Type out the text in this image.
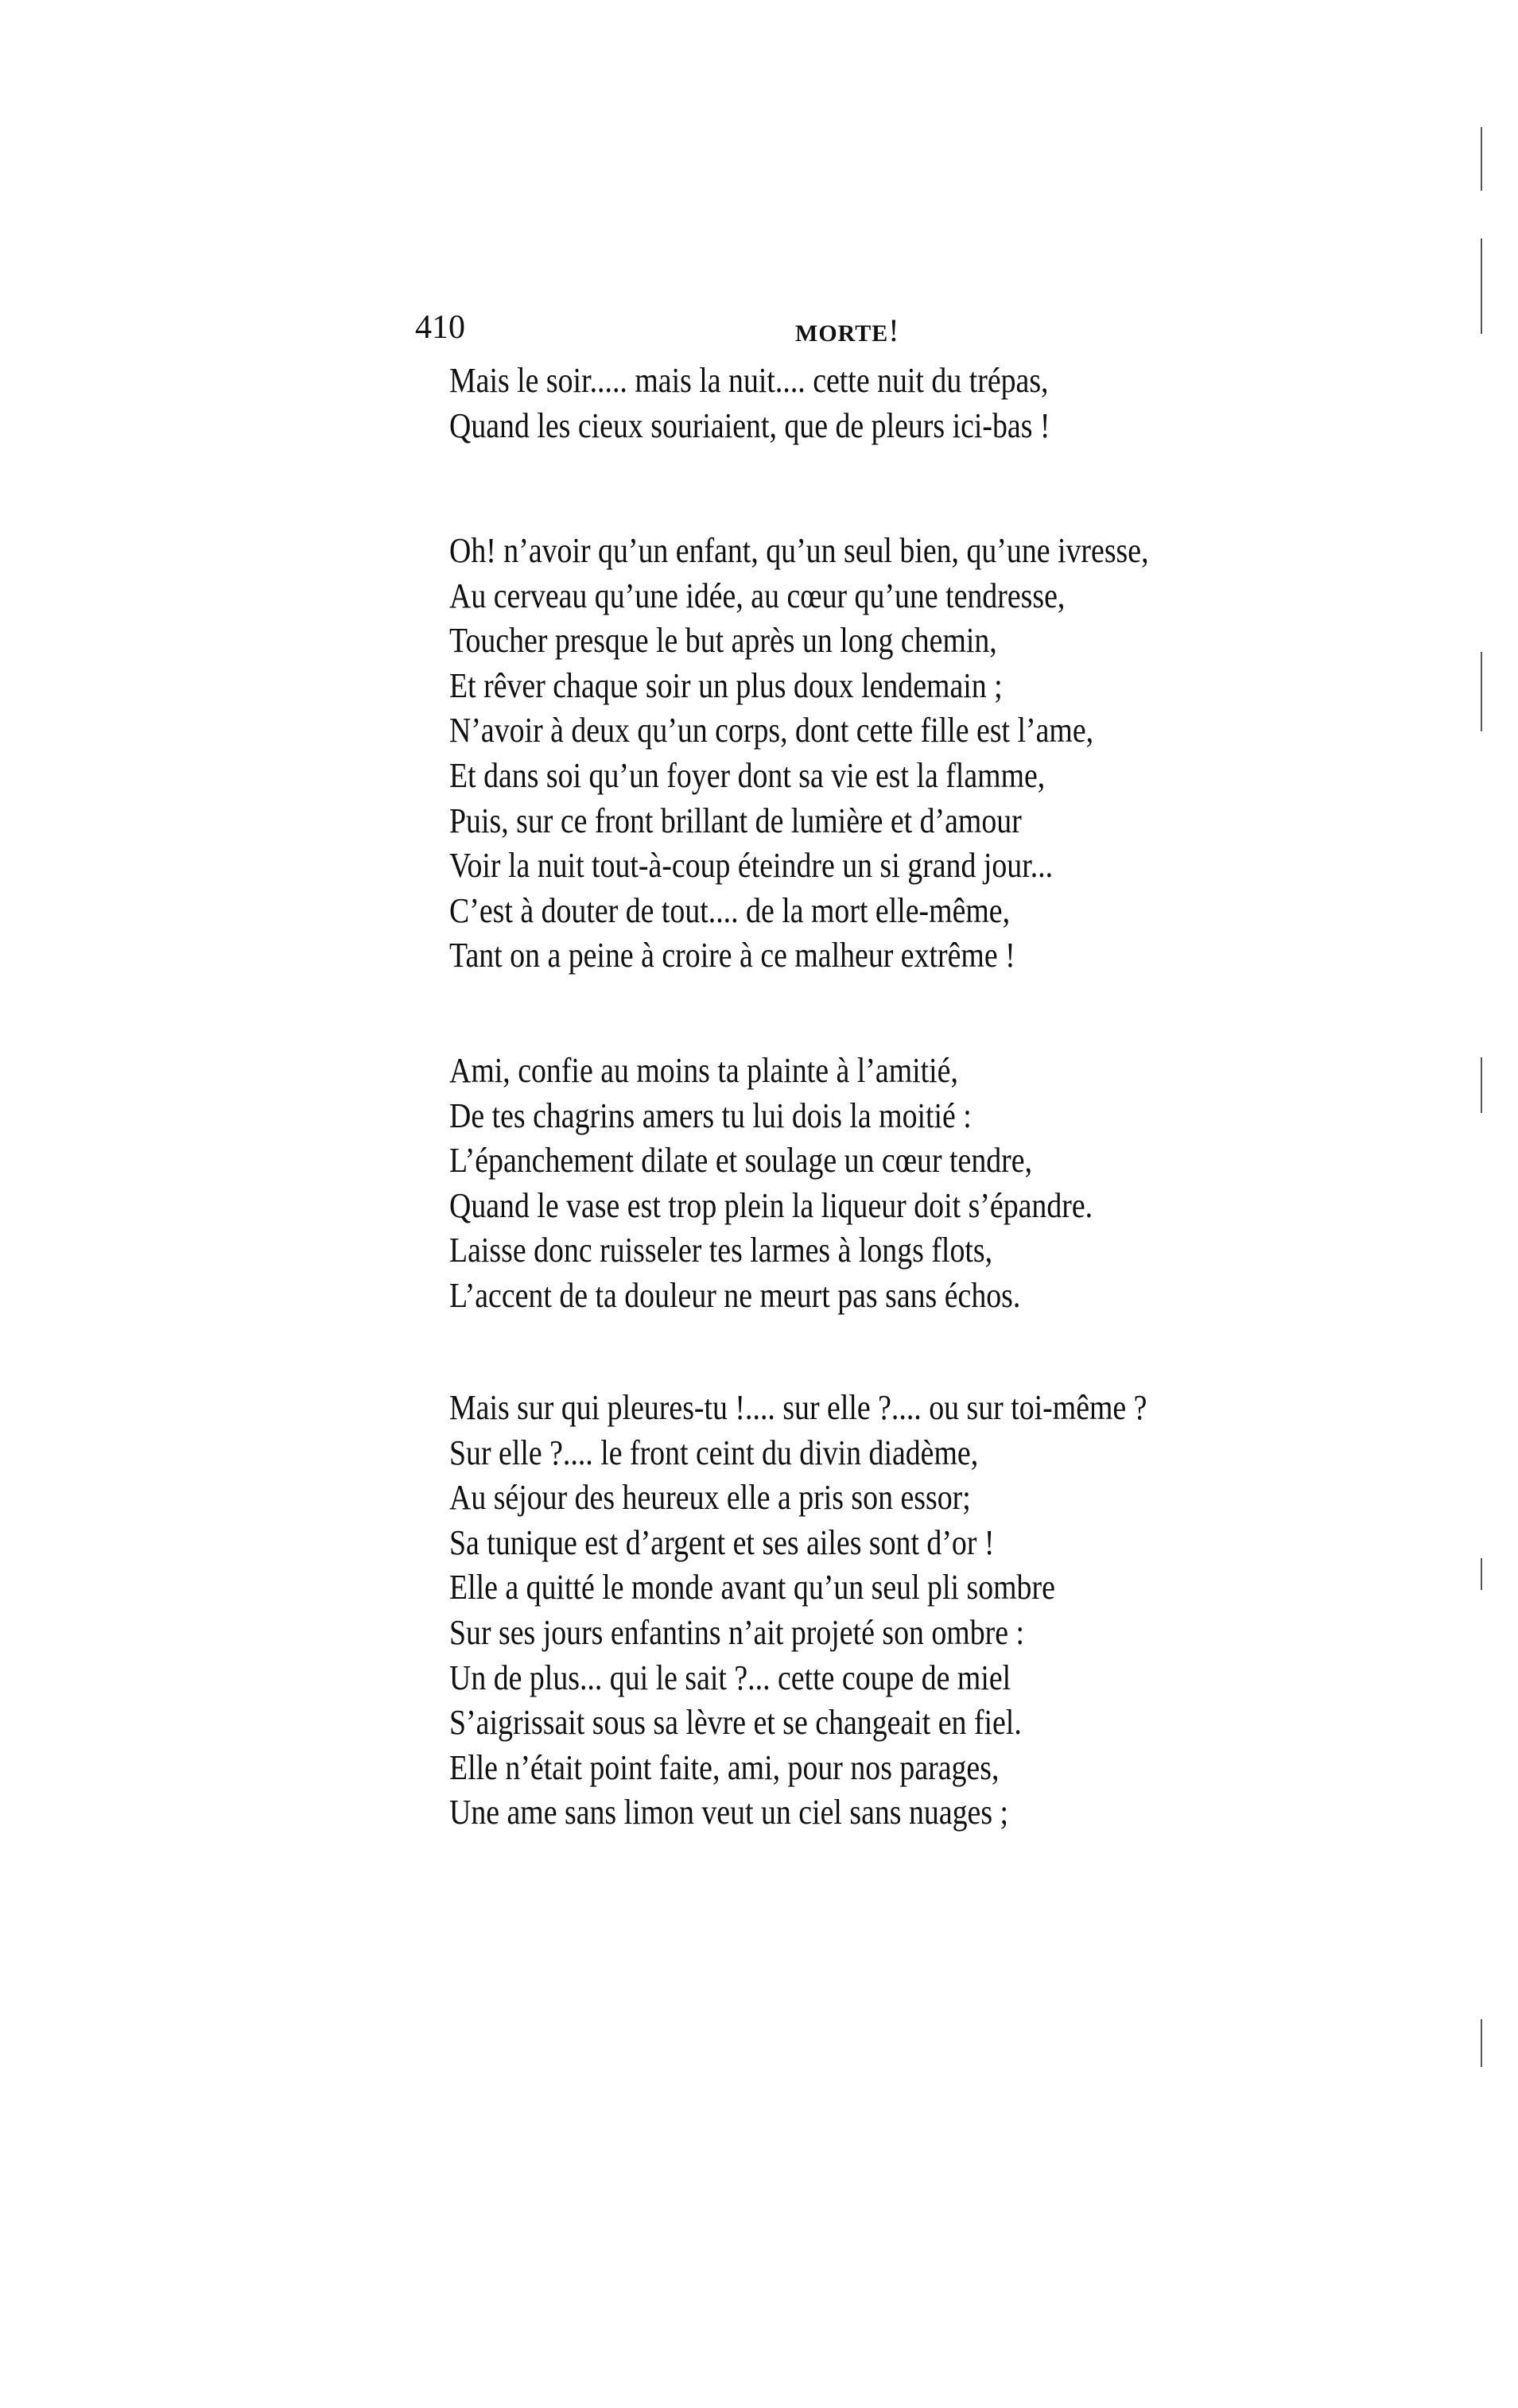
410	MORTE!
Mais le soir..... mais la nuit.... cette nuit du trépas,
Quand les cieux souriaient, que de pleurs ici-bas !
Oh! n’avoir qu’un enfant, qu’un seul bien, qu’une ivresse,
Au cerveau qu’une idée, au cœur qu’une tendresse,
Toucher presque le but après un long chemin,
Et rêver chaque soir un plus doux lendemain ;
N’avoir à deux qu’un corps, dont cette fille est l’ame,
Et dans soi qu’un foyer dont sa vie est la flamme,
Puis, sur ce front brillant de lumière et d’amour
Voir la nuit tout-à-coup éteindre un si grand jour...
C’est à douter de tout.... de la mort elle-même,
Tant on a peine à croire à ce malheur extrême !
Ami, confie au moins ta plainte à l’amitié,
De tes chagrins amers tu lui dois la moitié :
L’épanchement dilate et soulage un cœur tendre,
Quand le vase est trop plein la liqueur doit s’épandre.
Laisse donc ruisseler tes larmes à longs flots,
L’accent de ta douleur ne meurt pas sans échos.
Mais sur qui pleures-tu !.... sur elle ?.... ou sur toi-même ?
Sur elle ?.... le front ceint du divin diadème,
Au séjour des heureux elle a pris son essor;
Sa tunique est d’argent et ses ailes sont d’or !
Elle a quitté le monde avant qu’un seul pli sombre
Sur ses jours enfantins n’ait projeté son ombre :
Un de plus... qui le sait ?... cette coupe de miel
S’aigrissait sous sa lèvre et se changeait en fiel.
Elle n’était point faite, ami, pour nos parages,
Une ame sans limon veut un ciel sans nuages ;
